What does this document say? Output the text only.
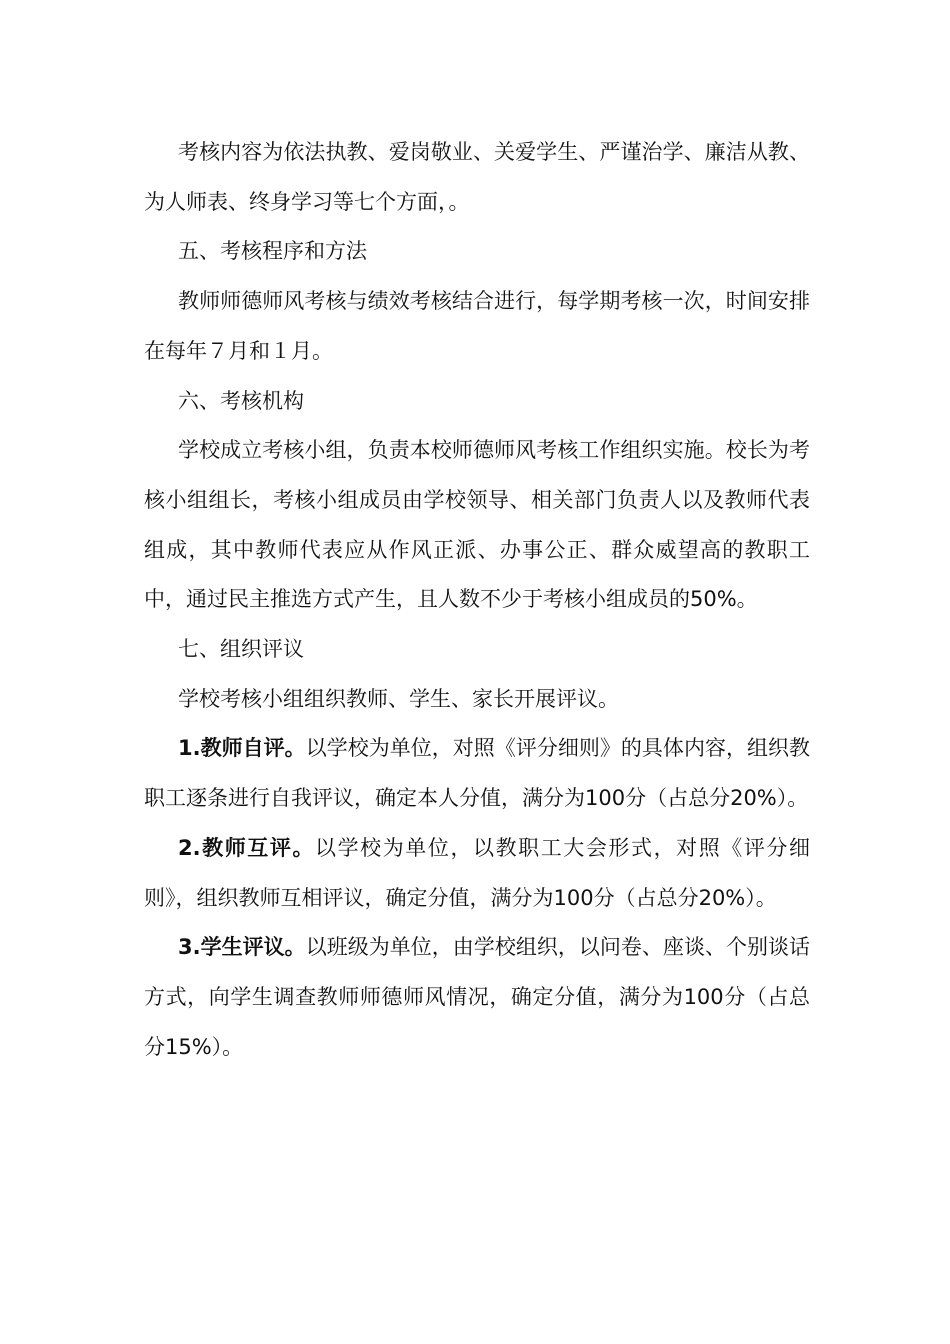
考核内容为依法执教、爱岗敬业、关爱学生、严谨治学、廉洁从教、为人师表、终身学习等七个方面，。

五、考核程序和方法

教师师德师风考核与绩效考核结合进行，每学期考核一次，时间安排在每年７月和１月。

六、考核机构

学校成立考核小组，负责本校师德师风考核工作组织实施。校长为考核小组组长，考核小组成员由学校领导、相关部门负责人以及教师代表组成，其中教师代表应从作风正派、办事公正、群众威望高的教职工中，通过民主推选方式产生，且人数不少于考核小组成员的50%。

七、组织评议

学校考核小组组织教师、学生、家长开展评议。

1.教师自评。以学校为单位，对照《评分细则》的具体内容，组织教职工逐条进行自我评议，确定本人分值，满分为100分（占总分20%）。

2.教师互评。以学校为单位，以教职工大会形式，对照《评分细则》，组织教师互相评议，确定分值，满分为100分（占总分20%）。

3.学生评议。以班级为单位，由学校组织，以问卷、座谈、个别谈话方式，向学生调查教师师德师风情况，确定分值，满分为100分（占总分15%）。
